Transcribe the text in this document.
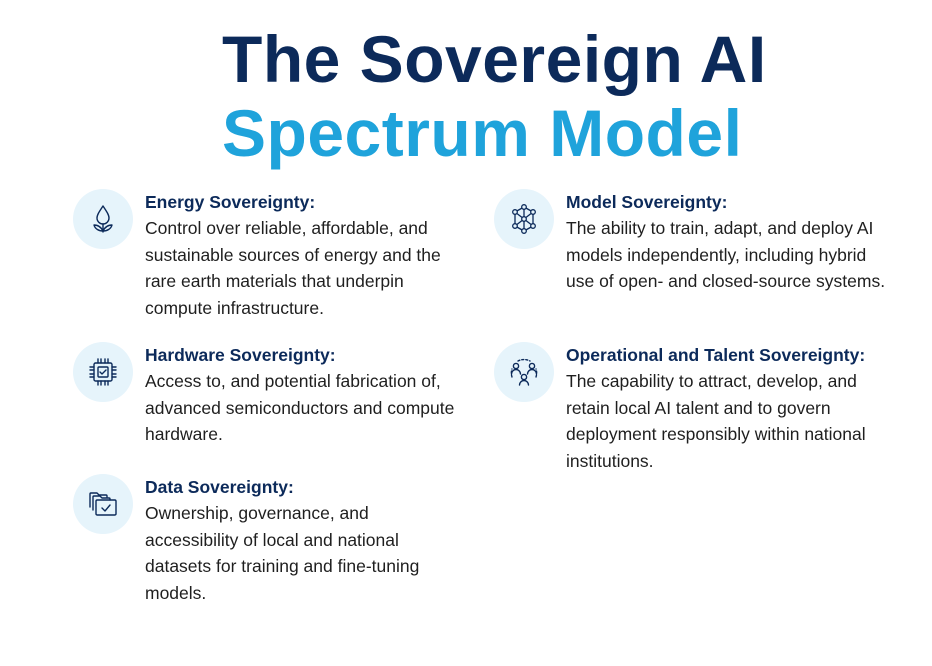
The Sovereign AI
Spectrum Model
Energy Sovereignty:
Control over reliable, affordable, and sustainable sources of energy and the rare earth materials that underpin compute infrastructure.
Hardware Sovereignty:
Access to, and potential fabrication of, advanced semiconductors and compute hardware.
Data Sovereignty:
Ownership, governance, and accessibility of local and national datasets for training and fine-tuning models.
Model Sovereignty:
The ability to train, adapt, and deploy AI models independently, including hybrid use of open- and closed-source systems.
Operational and Talent Sovereignty:
The capability to attract, develop, and retain local AI talent and to govern deployment responsibly within national institutions.
